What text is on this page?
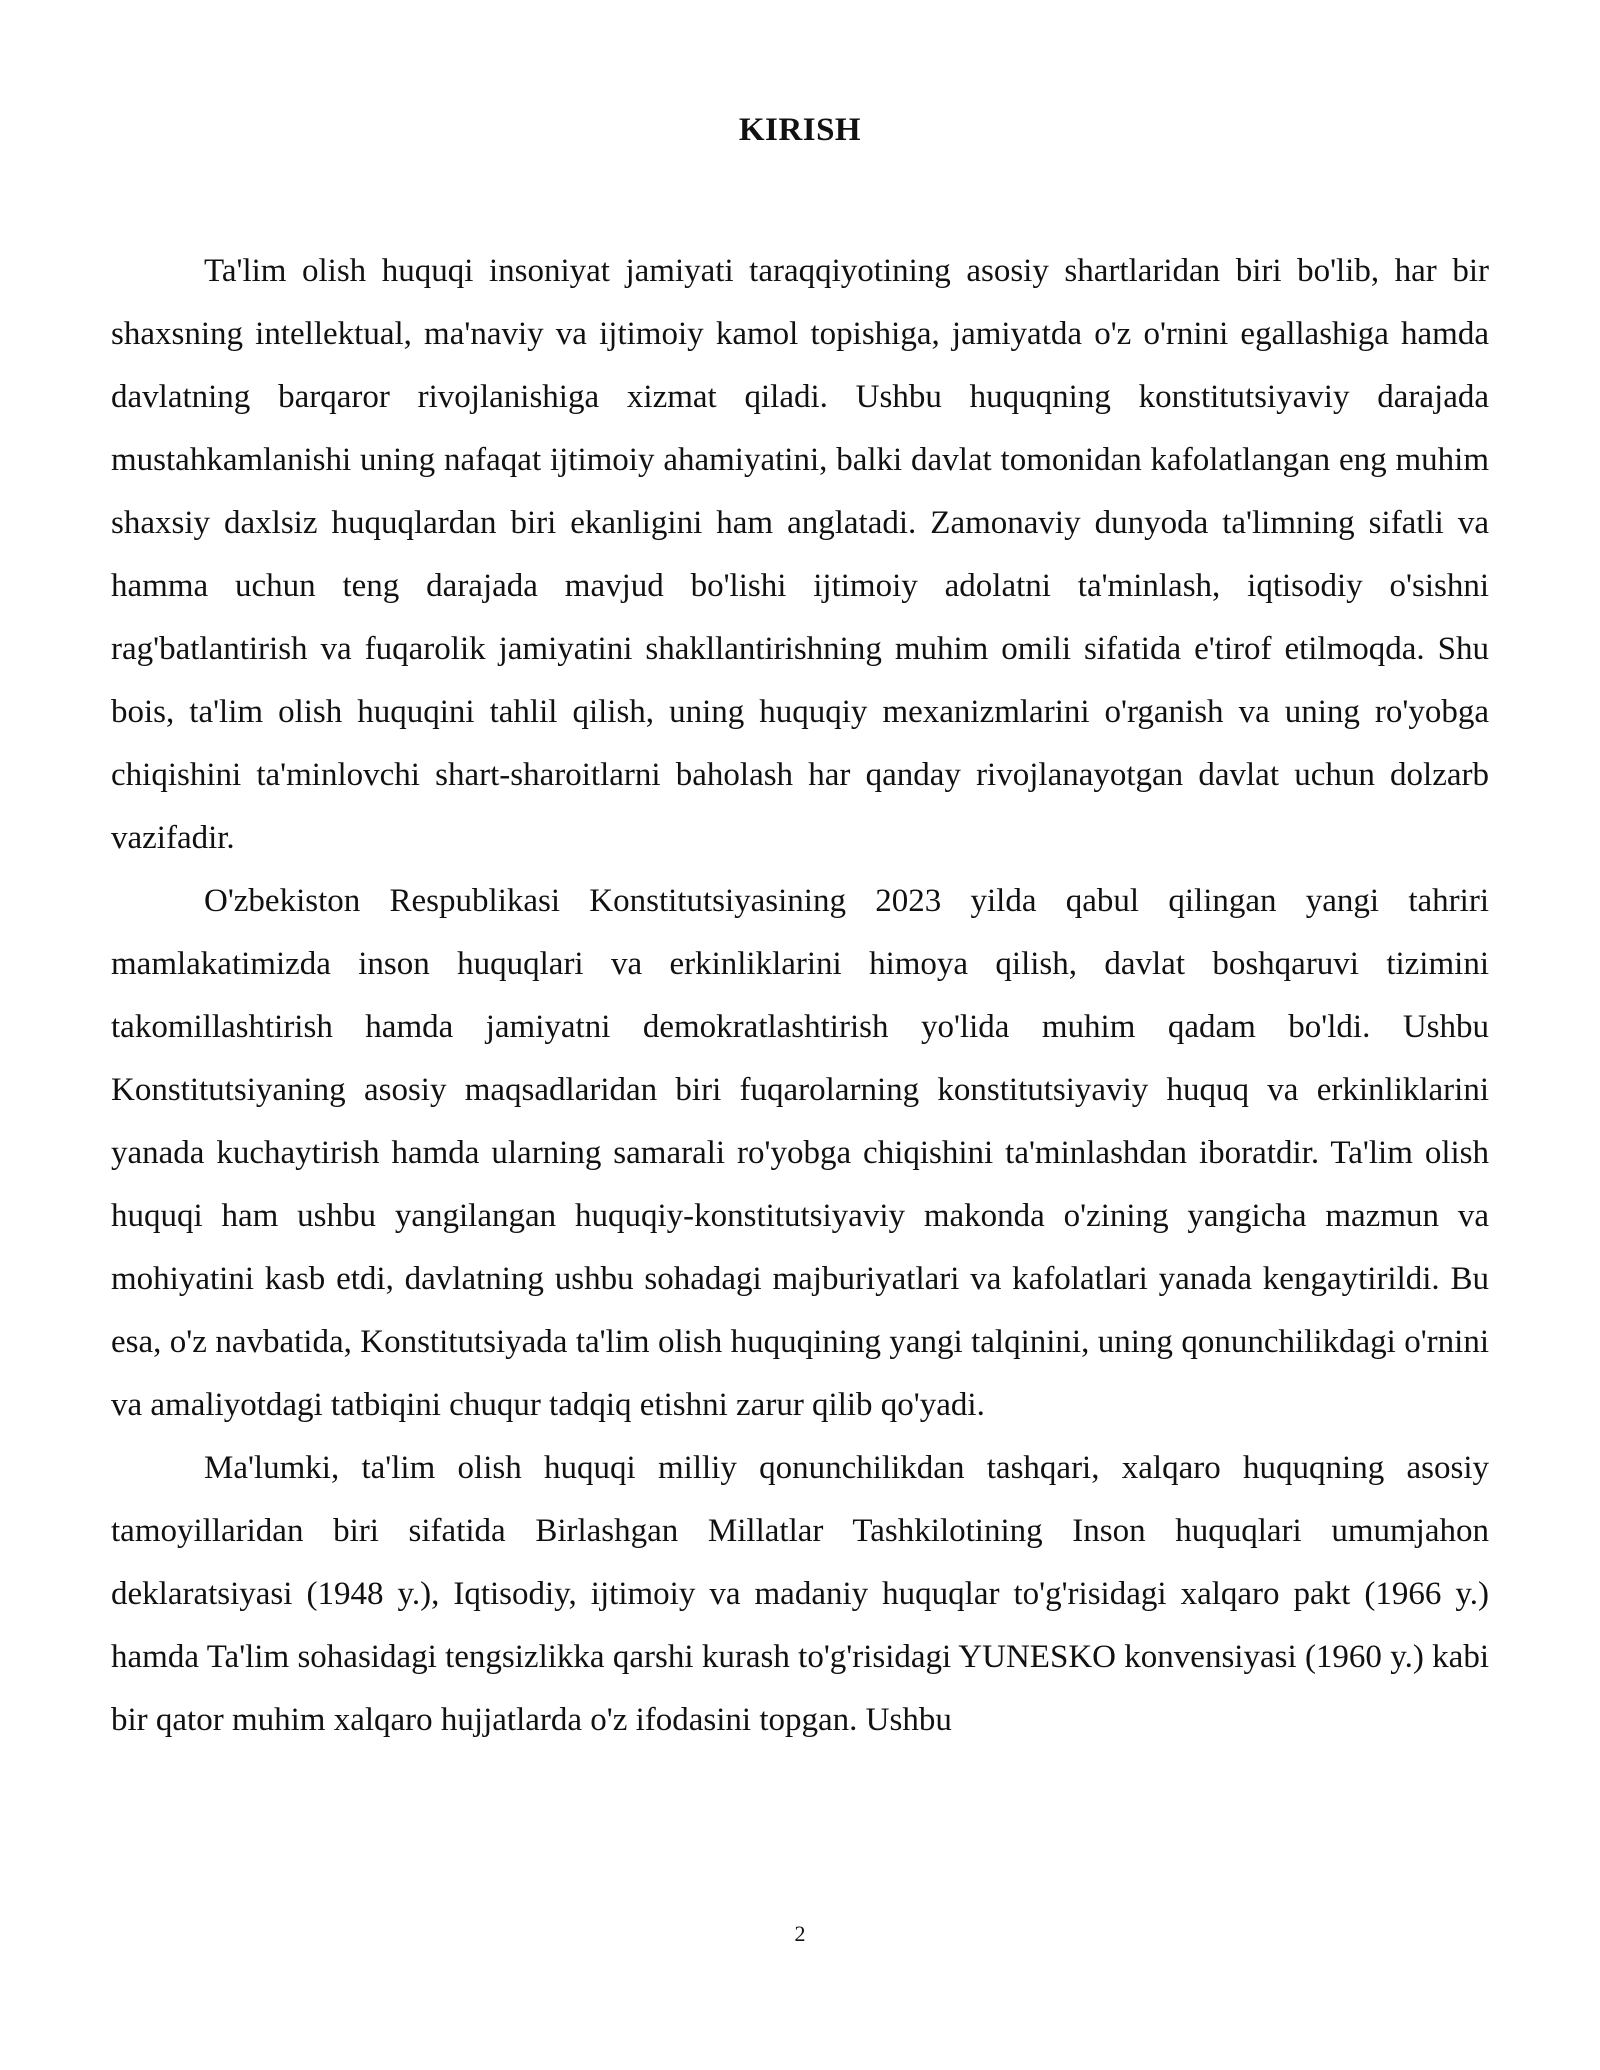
KIRISH

Ta'lim olish huquqi insoniyat jamiyati taraqqiyotining asosiy shartlaridan biri bo'lib, har bir shaxsning intellektual, ma'naviy va ijtimoiy kamol topishiga, jamiyatda o'z o'rnini egallashiga hamda davlatning barqaror rivojlanishiga xizmat qiladi. Ushbu huquqning konstitutsiyaviy darajada mustahkamlanishi uning nafaqat ijtimoiy ahamiyatini, balki davlat tomonidan kafolatlangan eng muhim shaxsiy daxlsiz huquqlardan biri ekanligini ham anglatadi. Zamonaviy dunyoda ta'limning sifatli va hamma uchun teng darajada mavjud bo'lishi ijtimoiy adolatni ta'minlash, iqtisodiy o'sishni rag'batlantirish va fuqarolik jamiyatini shakllantirishning muhim omili sifatida e'tirof etilmoqda. Shu bois, ta'lim olish huquqini tahlil qilish, uning huquqiy mexanizmlarini o'rganish va uning ro'yobga chiqishini ta'minlovchi shart-sharoitlarni baholash har qanday rivojlanayotgan davlat uchun dolzarb vazifadir.

O'zbekiston Respublikasi Konstitutsiyasining 2023 yilda qabul qilingan yangi tahriri mamlakatimizda inson huquqlari va erkinliklarini himoya qilish, davlat boshqaruvi tizimini takomillashtirish hamda jamiyatni demokratlashtirish yo'lida muhim qadam bo'ldi. Ushbu Konstitutsiyaning asosiy maqsadlaridan biri fuqarolarning konstitutsiyaviy huquq va erkinliklarini yanada kuchaytirish hamda ularning samarali ro'yobga chiqishini ta'minlashdan iboratdir. Ta'lim olish huquqi ham ushbu yangilangan huquqiy-konstitutsiyaviy makonda o'zining yangicha mazmun va mohiyatini kasb etdi, davlatning ushbu sohadagi majburiyatlari va kafolatlari yanada kengaytirildi. Bu esa, o'z navbatida, Konstitutsiyada ta'lim olish huquqining yangi talqinini, uning qonunchilikdagi o'rnini va amaliyotdagi tatbiqini chuqur tadqiq etishni zarur qilib qo'yadi.

Ma'lumki, ta'lim olish huquqi milliy qonunchilikdan tashqari, xalqaro huquqning asosiy tamoyillaridan biri sifatida Birlashgan Millatlar Tashkilotining Inson huquqlari umumjahon deklaratsiyasi (1948 y.), Iqtisodiy, ijtimoiy va madaniy huquqlar to'g'risidagi xalqaro pakt (1966 y.) hamda Ta'lim sohasidagi tengsizlikka qarshi kurash to'g'risidagi YUNESKO konvensiyasi (1960 y.) kabi bir qator muhim xalqaro hujjatlarda o'z ifodasini topgan. Ushbu

2
